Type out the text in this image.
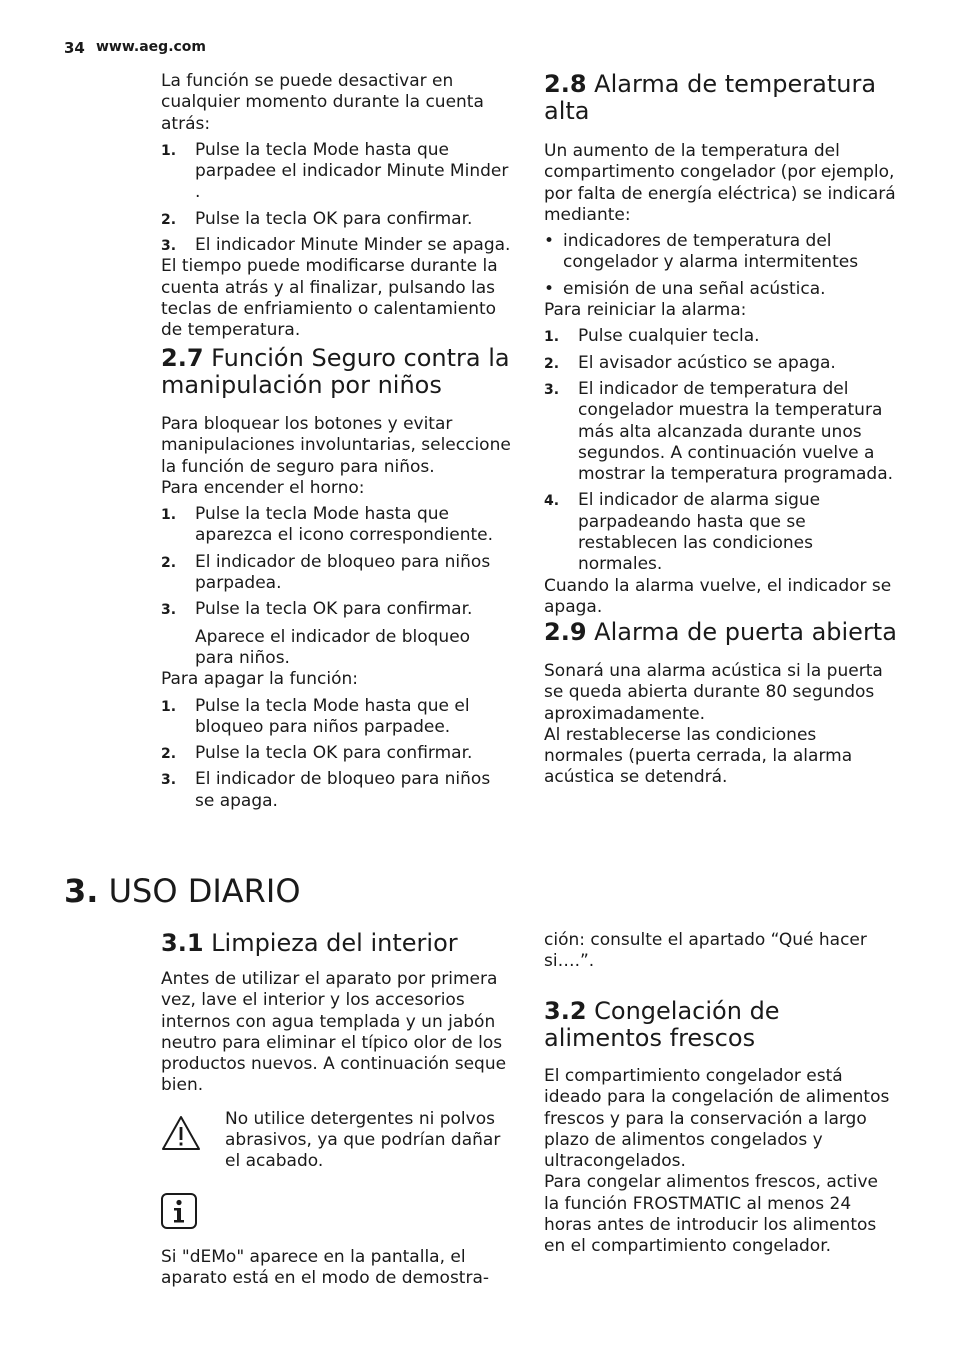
34 www.aeg.com

La función se puede desactivar en cualquier momento durante la cuenta atrás:

1. Pulse la tecla Mode hasta que parpadee el indicador Minute Minder .
2. Pulse la tecla OK para confirmar.
3. El indicador Minute Minder se apaga.

El tiempo puede modificarse durante la cuenta atrás y al finalizar, pulsando las teclas de enfriamiento o calentamiento de temperatura.

2.7 Función Seguro contra la manipulación por niños

Para bloquear los botones y evitar manipulaciones involuntarias, seleccione la función de seguro para niños.

Para encender el horno:

1. Pulse la tecla Mode hasta que aparezca el icono correspondiente.
2. El indicador de bloqueo para niños parpadea.
3. Pulse la tecla OK para confirmar.

Aparece el indicador de bloqueo para niños.

Para apagar la función:

1. Pulse la tecla Mode hasta que el bloqueo para niños parpadee.
2. Pulse la tecla OK para confirmar.
3. El indicador de bloqueo para niños se apaga.
2.8 Alarma de temperatura alta

Un aumento de la temperatura del compartimento congelador (por ejemplo, por falta de energía eléctrica) se indicará mediante:

• indicadores de temperatura del congelador y alarma intermitentes
• emisión de una señal acústica.

Para reiniciar la alarma:

1. Pulse cualquier tecla.
2. El avisador acústico se apaga.
3. El indicador de temperatura del congelador muestra la temperatura más alta alcanzada durante unos segundos. A continuación vuelve a mostrar la temperatura programada.
4. El indicador de alarma sigue parpadeando hasta que se restablecen las condiciones normales.

Cuando la alarma vuelve, el indicador se apaga.

2.9 Alarma de puerta abierta

Sonará una alarma acústica si la puerta se queda abierta durante 80 segundos aproximadamente.

Al restablecerse las condiciones normales (puerta cerrada, la alarma acústica se detendrá.

3. USO DIARIO
3.1 Limpieza del interior

Antes de utilizar el aparato por primera vez, lave el interior y los accesorios internos con agua templada y un jabón neutro para eliminar el típico olor de los productos nuevos. A continuación seque bien.

No utilice detergentes ni polvos abrasivos, ya que podrían dañar el acabado.

Si "dEMo" aparece en la pantalla, el aparato está en el modo de demostra-

ción: consulte el apartado “Qué hacer si….”.

3.2 Congelación de alimentos frescos

El compartimiento congelador está ideado para la congelación de alimentos frescos y para la conservación a largo plazo de alimentos congelados y ultracongelados.

Para congelar alimentos frescos, active la función FROSTMATIC al menos 24 horas antes de introducir los alimentos en el compartimiento congelador.
